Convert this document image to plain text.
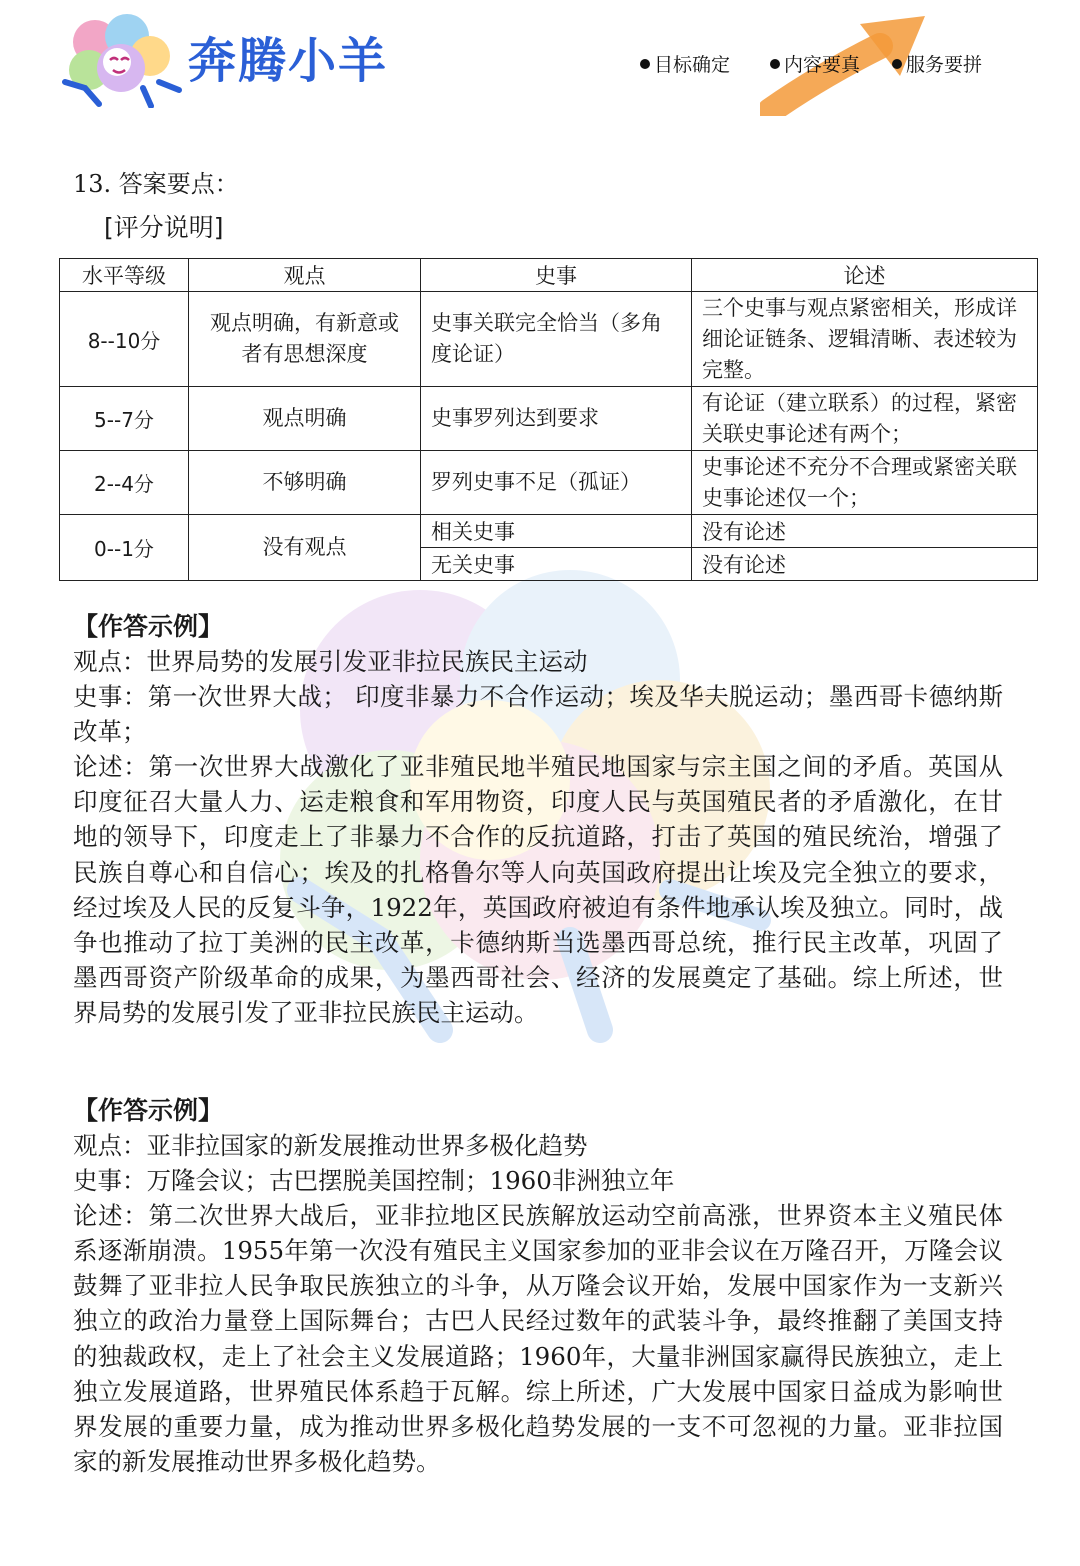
奔腾小羊	目标确定	内容要真	服务要拼
13. 答案要点：
[评分说明]
水平等级	观点	史事	论述
8--10分	观点明确，有新意或者有思想深度	史事关联完全恰当（多角度论证）	三个史事与观点紧密相关，形成详细论证链条、逻辑清晰、表述较为完整。
5--7分	观点明确	史事罗列达到要求	有论证（建立联系）的过程，紧密关联史事论述有两个；
2--4分	不够明确	罗列史事不足（孤证）	史事论述不充分不合理或紧密关联史事论述仅一个；
0--1分	没有观点	相关史事	没有论述
		无关史事	没有论述
【作答示例】

观点：世界局势的发展引发亚非拉民族民主运动

史事：第一次世界大战； 印度非暴力不合作运动；埃及华夫脱运动；墨西哥卡德纳斯改革；

论述：第一次世界大战激化了亚非殖民地半殖民地国家与宗主国之间的矛盾。英国从印度征召大量人力、运走粮食和军用物资，印度人民与英国殖民者的矛盾激化，在甘地的领导下，印度走上了非暴力不合作的反抗道路，打击了英国的殖民统治，增强了民族自尊心和自信心；埃及的扎格鲁尔等人向英国政府提出让埃及完全独立的要求，经过埃及人民的反复斗争，1922年，英国政府被迫有条件地承认埃及独立。同时，战争也推动了拉丁美洲的民主改革，卡德纳斯当选墨西哥总统，推行民主改革，巩固了墨西哥资产阶级革命的成果，为墨西哥社会、经济的发展奠定了基础。综上所述，世界局势的发展引发了亚非拉民族民主运动。

【作答示例】

观点：亚非拉国家的新发展推动世界多极化趋势

史事：万隆会议；古巴摆脱美国控制；1960非洲独立年

论述：第二次世界大战后，亚非拉地区民族解放运动空前高涨，世界资本主义殖民体系逐渐崩溃。1955年第一次没有殖民主义国家参加的亚非会议在万隆召开，万隆会议鼓舞了亚非拉人民争取民族独立的斗争，从万隆会议开始，发展中国家作为一支新兴独立的政治力量登上国际舞台；古巴人民经过数年的武装斗争，最终推翻了美国支持的独裁政权，走上了社会主义发展道路；1960年，大量非洲国家赢得民族独立，走上独立发展道路，世界殖民体系趋于瓦解。综上所述，广大发展中国家日益成为影响世界发展的重要力量，成为推动世界多极化趋势发展的一支不可忽视的力量。亚非拉国家的新发展推动世界多极化趋势。
